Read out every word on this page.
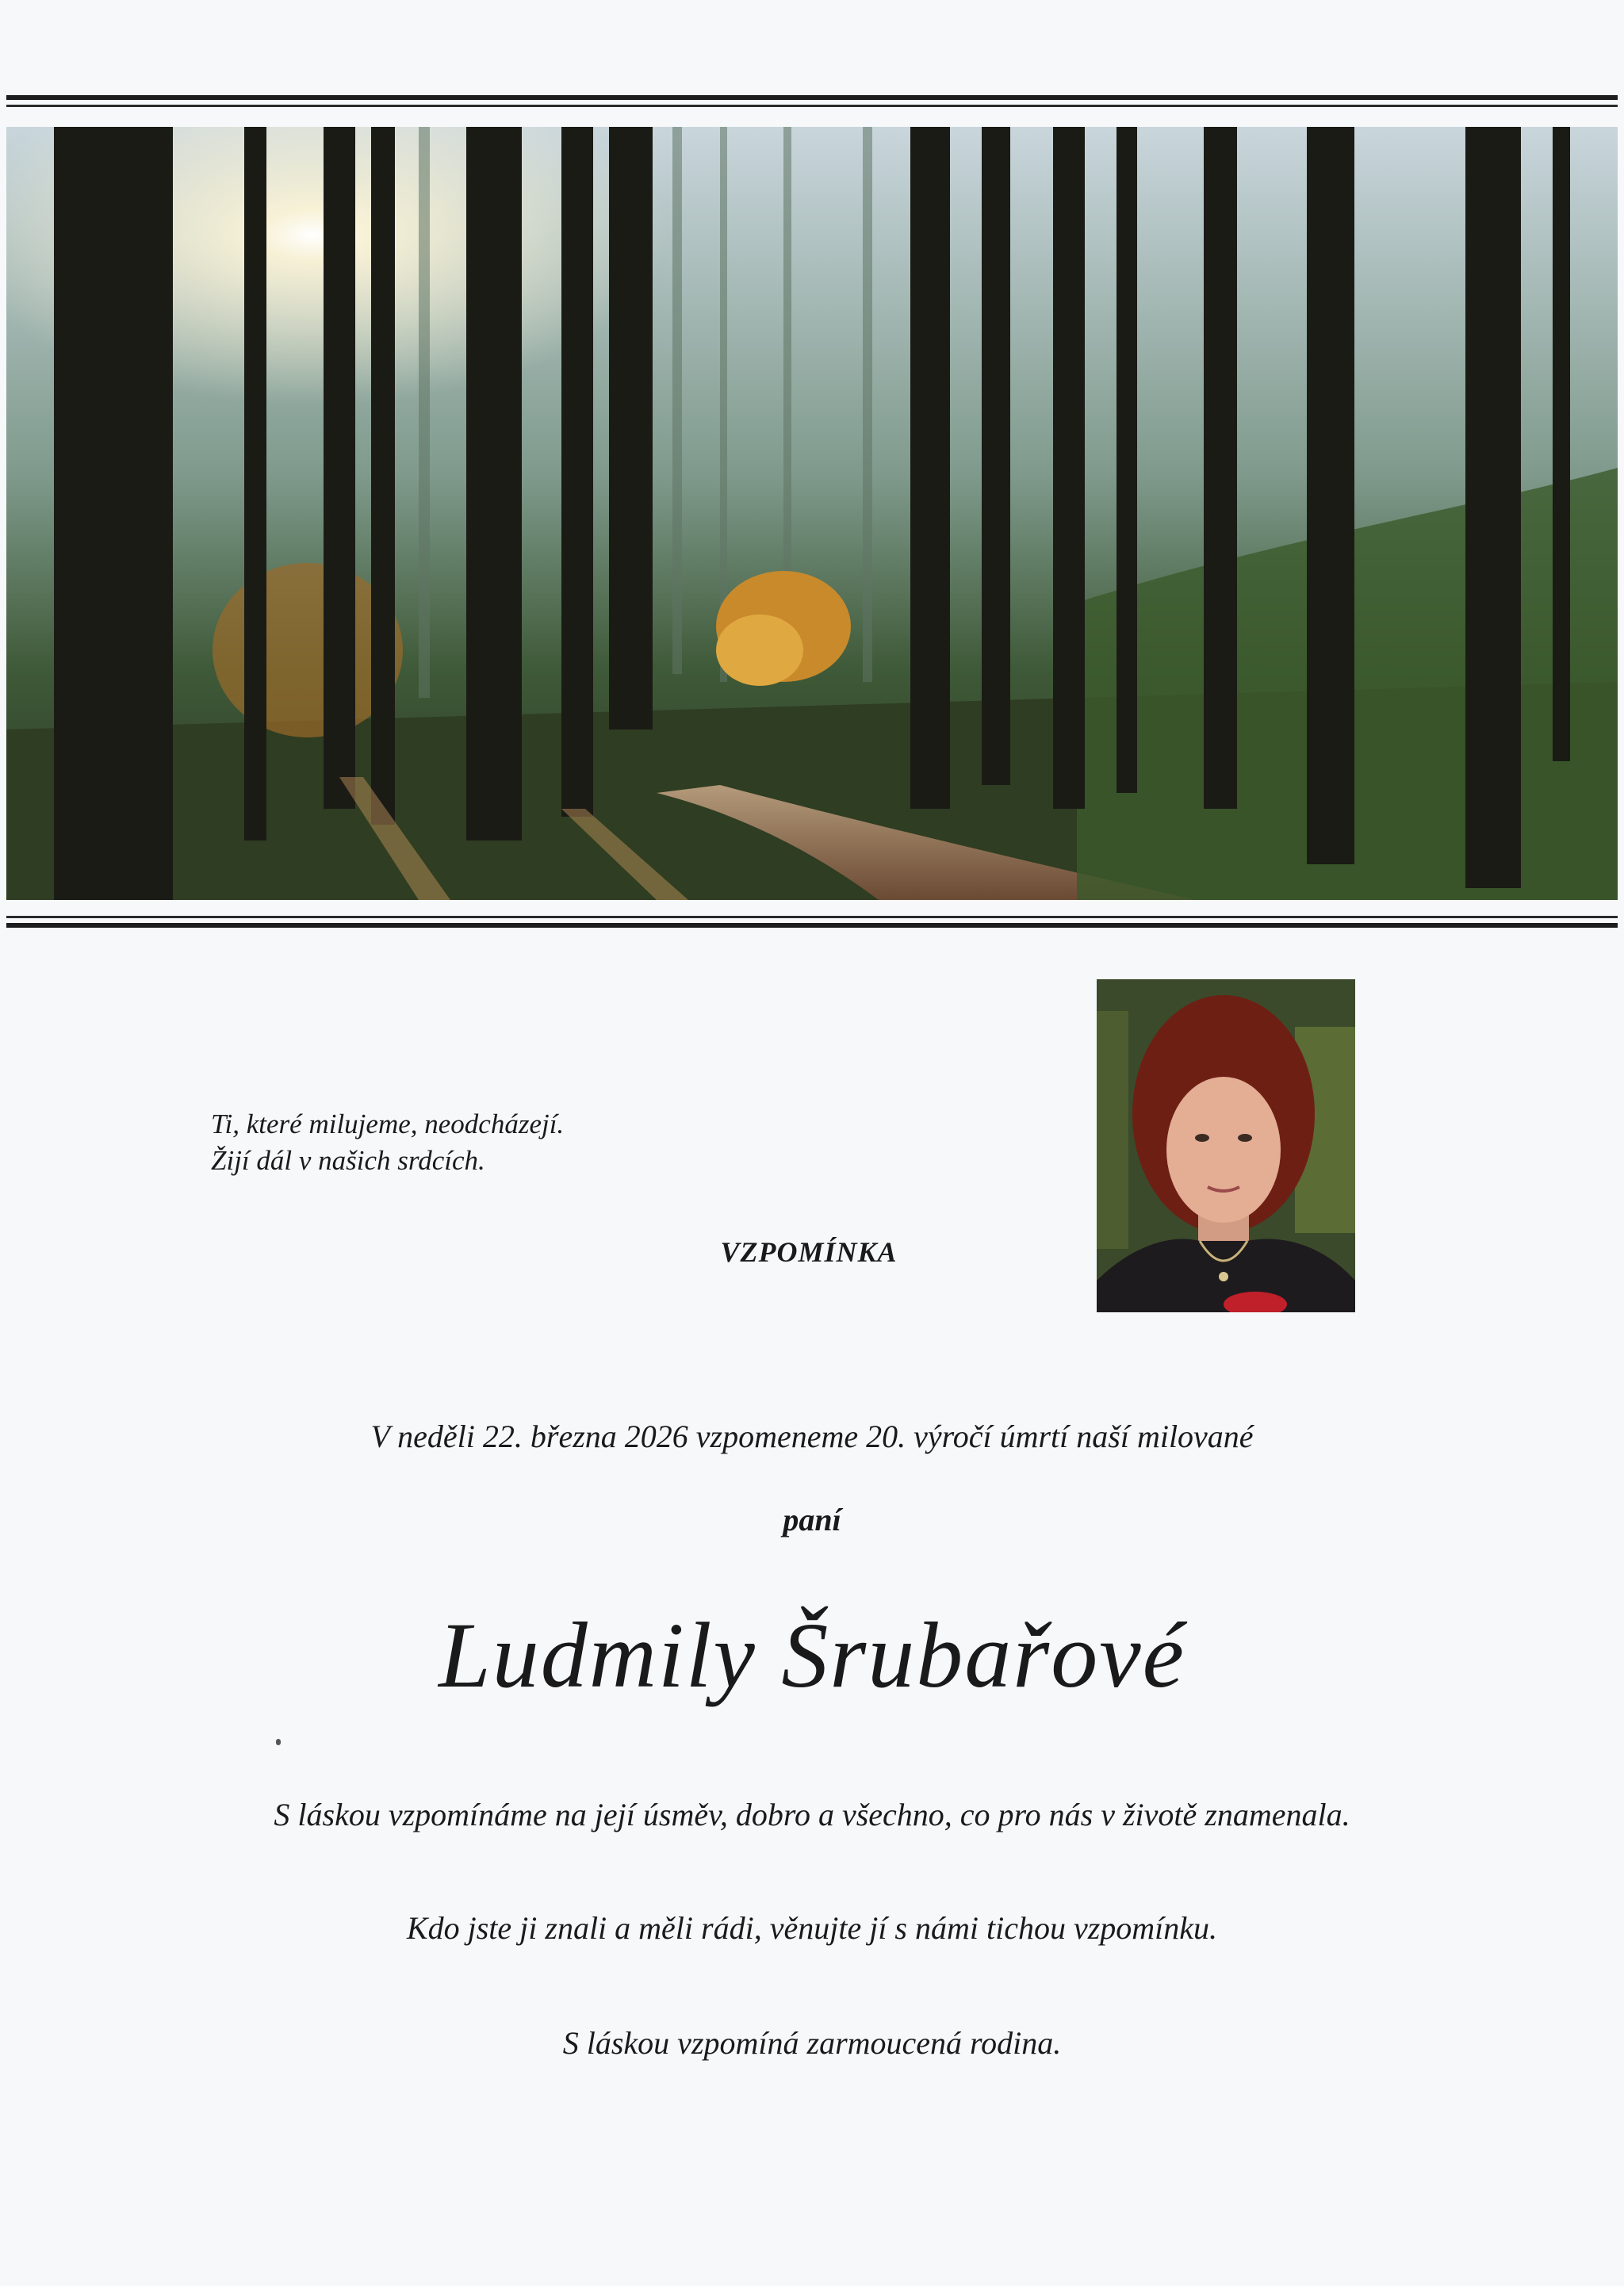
Ti, které milujeme, neodcházejí.
Žijí dál v našich srdcích.
VZPOMÍNKA
V neděli 22. března 2026 vzpomeneme 20. výročí úmrtí naší milované
paní
Ludmily Šrubařové
S láskou vzpomínáme na její úsměv, dobro a všechno, co pro nás v životě znamenala.
Kdo jste ji znali a měli rádi, věnujte jí s námi tichou vzpomínku.
S láskou vzpomíná zarmoucená rodina.
